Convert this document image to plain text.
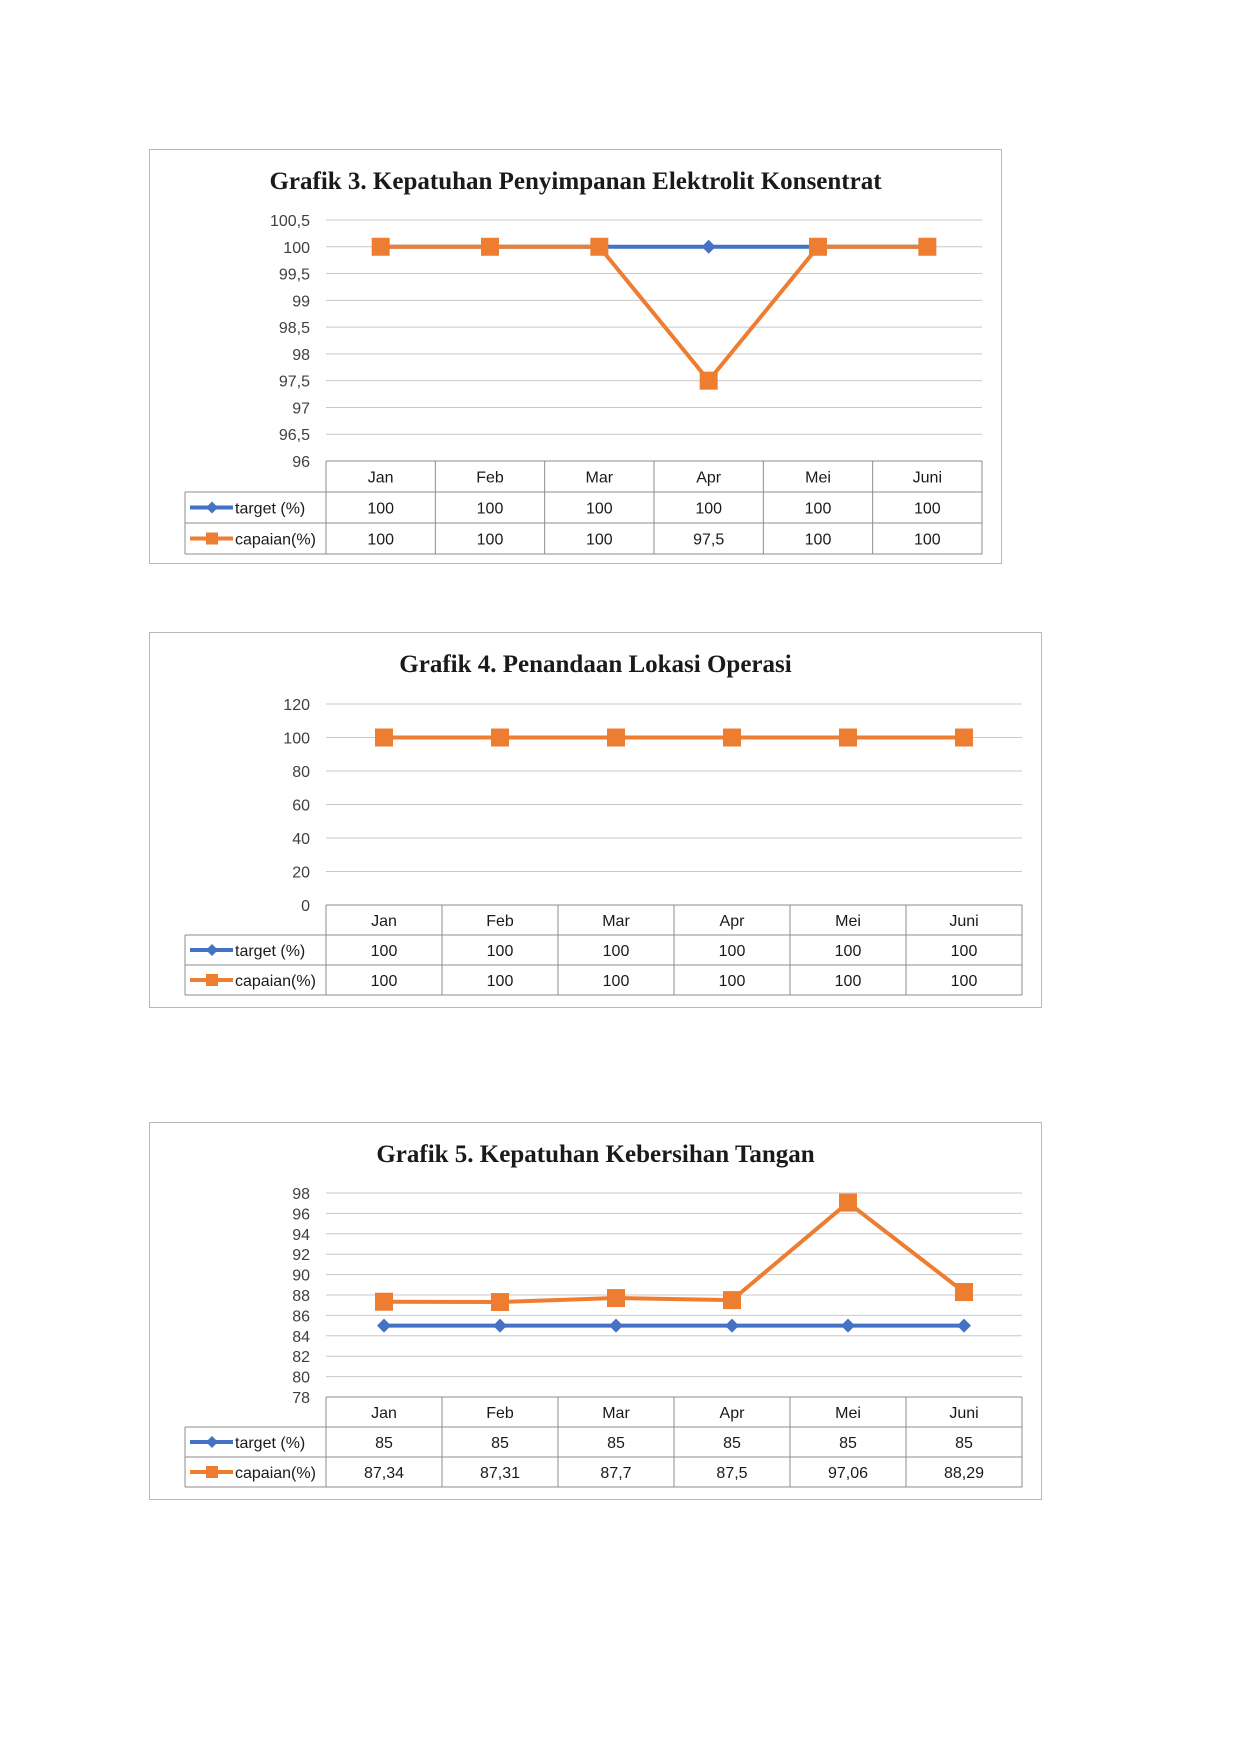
Grafik 3. Kepatuhan Penyimpanan Elektrolit Konsentrat
100,5
100
99,5
99
98,5
98
97,5
97
96,5
96
Jan	Feb	Mar	Apr	Mei	Juni
target (%)	100	100	100	100	100	100
capaian(%)	100	100	100	97,5	100	100
Grafik 4. Penandaan Lokasi Operasi
120
100
80
60
40
20
0
Jan	Feb	Mar	Apr	Mei	Juni
target (%)	100	100	100	100	100	100
capaian(%)	100	100	100	100	100	100
Grafik 5. Kepatuhan Kebersihan Tangan
98
96
94
92
90
88
86
84
82
80
78
Jan	Feb	Mar	Apr	Mei	Juni
target (%)	85	85	85	85	85	85
capaian(%)	87,34	87,31	87,7	87,5	97,06	88,29
